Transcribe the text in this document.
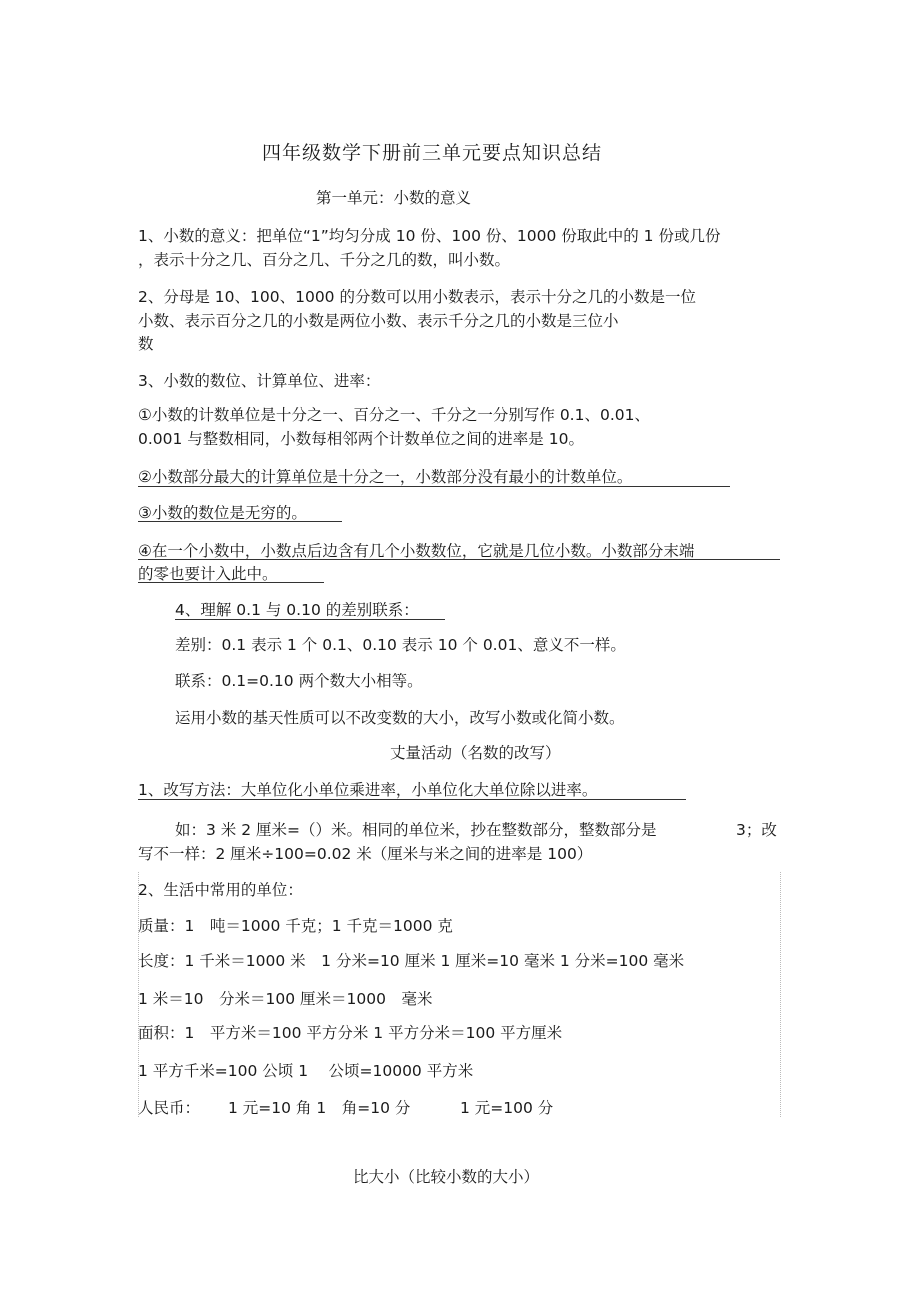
四年级数学下册前三单元要点知识总结
第一单元：小数的意义
1、小数的意义：把单位“1”均匀分成 10 份、100 份、1000 份取此中的 1 份或几份
，表示十分之几、百分之几、千分之几的数，叫小数。
2、分母是 10、100、1000 的分数可以用小数表示，表示十分之几的小数是一位
小数、表示百分之几的小数是两位小数、表示千分之几的小数是三位小
数
3、小数的数位、计算单位、进率：
①小数的计数单位是十分之一、百分之一、千分之一分别写作 0.1、0.01、
0.001 与整数相同，小数每相邻两个计数单位之间的进率是 10。
②小数部分最大的计算单位是十分之一，小数部分没有最小的计数单位。
③小数的数位是无穷的。
④在一个小数中，小数点后边含有几个小数数位，它就是几位小数。小数部分末端
的零也要计入此中。
4、理解 0.1 与 0.10 的差别联系：
差别：0.1 表示 1 个 0.1、0.10 表示 10 个 0.01、意义不一样。
联系：0.1=0.10 两个数大小相等。
运用小数的基天性质可以不改变数的大小，改写小数或化简小数。
丈量活动（名数的改写）
1、改写方法：大单位化小单位乘进率，小单位化大单位除以进率。
如：3 米 2 厘米=（）米。相同的单位米，抄在整数部分，整数部分是	3；改
写不一样：2 厘米÷100=0.02 米（厘米与米之间的进率是 100）
2、生活中常用的单位：
质量：1　吨＝1000 千克；1 千克＝1000 克
长度：1 千米＝1000 米　1 分米=10 厘米 1 厘米=10 毫米 1 分米=100 毫米
1 米＝10　分米＝100 厘米＝1000　毫米
面积：1　平方米＝100 平方分米 1 平方分米＝100 平方厘米
1 平方千米=100 公顷 1　 公顷=10000 平方米
人民币： 1 元=10 角 1　角=10 分	1 元=100 分
比大小（比较小数的大小）
